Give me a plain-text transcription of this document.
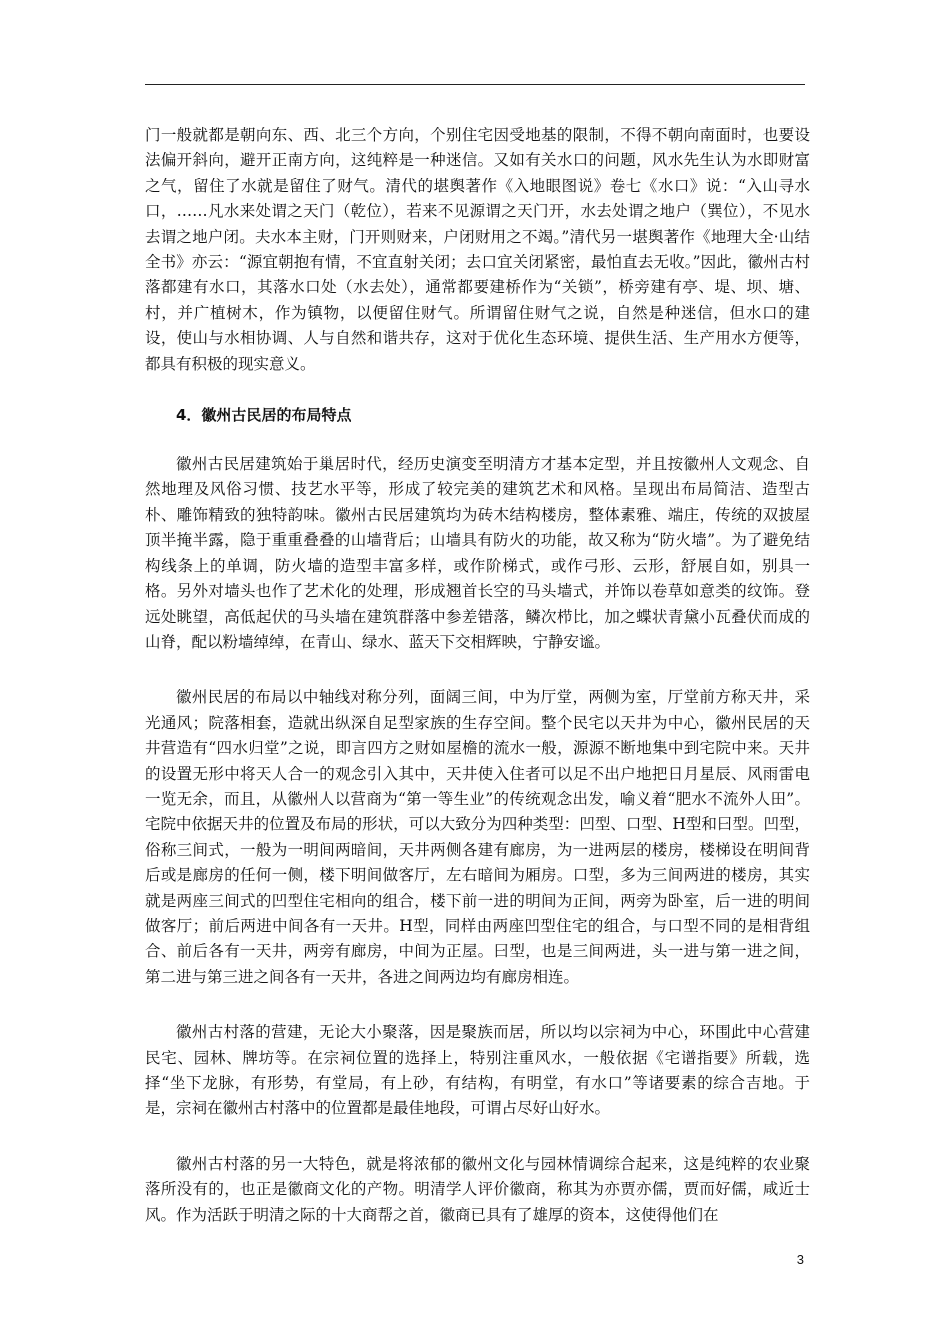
门一般就都是朝向东、西、北三个方向，个别住宅因受地基的限制，不得不朝向南面时，也要设法偏开斜向，避开正南方向，这纯粹是一种迷信。又如有关水口的问题，风水先生认为水即财富之气，留住了水就是留住了财气。清代的堪舆著作《入地眼图说》卷七《水口》说：“入山寻水口，……凡水来处谓之天门（乾位），若来不见源谓之天门开，水去处谓之地户（巽位），不见水去谓之地户闭。夫水本主财，门开则财来，户闭财用之不竭。”清代另一堪舆著作《地理大全·山结全书》亦云：“源宜朝抱有情，不宜直射关闭；去口宜关闭紧密，最怕直去无收。”因此，徽州古村落都建有水口，其落水口处（水去处），通常都要建桥作为“关锁”，桥旁建有亭、堤、坝、塘、村，并广植树木，作为镇物，以便留住财气。所谓留住财气之说，自然是种迷信，但水口的建设，使山与水相协调、人与自然和谐共存，这对于优化生态环境、提供生活、生产用水方便等，都具有积极的现实意义。

4．徽州古民居的布局特点

徽州古民居建筑始于巢居时代，经历史演变至明清方才基本定型，并且按徽州人文观念、自然地理及风俗习惯、技艺水平等，形成了较完美的建筑艺术和风格。呈现出布局简洁、造型古朴、雕饰精致的独特韵味。徽州古民居建筑均为砖木结构楼房，整体素雅、端庄，传统的双披屋顶半掩半露，隐于重重叠叠的山墙背后；山墙具有防火的功能，故又称为“防火墙”。为了避免结构线条上的单调，防火墙的造型丰富多样，或作阶梯式，或作弓形、云形，舒展自如，别具一格。另外对墙头也作了艺术化的处理，形成翘首长空的马头墙式，并饰以卷草如意类的纹饰。登远处眺望，高低起伏的马头墙在建筑群落中参差错落，鳞次栉比，加之蝶状青黛小瓦叠伏而成的山脊，配以粉墙绰绰，在青山、绿水、蓝天下交相辉映，宁静安谧。

徽州民居的布局以中轴线对称分列，面阔三间，中为厅堂，两侧为室，厅堂前方称天井，采光通风；院落相套，造就出纵深自足型家族的生存空间。整个民宅以天井为中心，徽州民居的天井营造有“四水归堂”之说，即言四方之财如屋檐的流水一般，源源不断地集中到宅院中来。天井的设置无形中将天人合一的观念引入其中，天井使入住者可以足不出户地把日月星辰、风雨雷电一览无余，而且，从徽州人以营商为“第一等生业”的传统观念出发，喻义着“肥水不流外人田”。宅院中依据天井的位置及布局的形状，可以大致分为四种类型：凹型、口型、H型和曰型。凹型，俗称三间式，一般为一明间两暗间，天井两侧各建有廊房，为一进两层的楼房，楼梯设在明间背后或是廊房的任何一侧，楼下明间做客厅，左右暗间为厢房。口型，多为三间两进的楼房，其实就是两座三间式的凹型住宅相向的组合，楼下前一进的明间为正间，两旁为卧室，后一进的明间做客厅；前后两进中间各有一天井。H型，同样由两座凹型住宅的组合，与口型不同的是相背组合、前后各有一天井，两旁有廊房，中间为正屋。曰型，也是三间两进，头一进与第一进之间，第二进与第三进之间各有一天井，各进之间两边均有廊房相连。

徽州古村落的营建，无论大小聚落，因是聚族而居，所以均以宗祠为中心，环围此中心营建民宅、园林、牌坊等。在宗祠位置的选择上，特别注重风水，一般依据《宅谱指要》所载，选择“坐下龙脉，有形势，有堂局，有上砂，有结构，有明堂，有水口”等诸要素的综合吉地。于是，宗祠在徽州古村落中的位置都是最佳地段，可谓占尽好山好水。

徽州古村落的另一大特色，就是将浓郁的徽州文化与园林情调综合起来，这是纯粹的农业聚落所没有的，也正是徽商文化的产物。明清学人评价徽商，称其为亦贾亦儒，贾而好儒，咸近士风。作为活跃于明清之际的十大商帮之首，徽商已具有了雄厚的资本，这使得他们在

3
